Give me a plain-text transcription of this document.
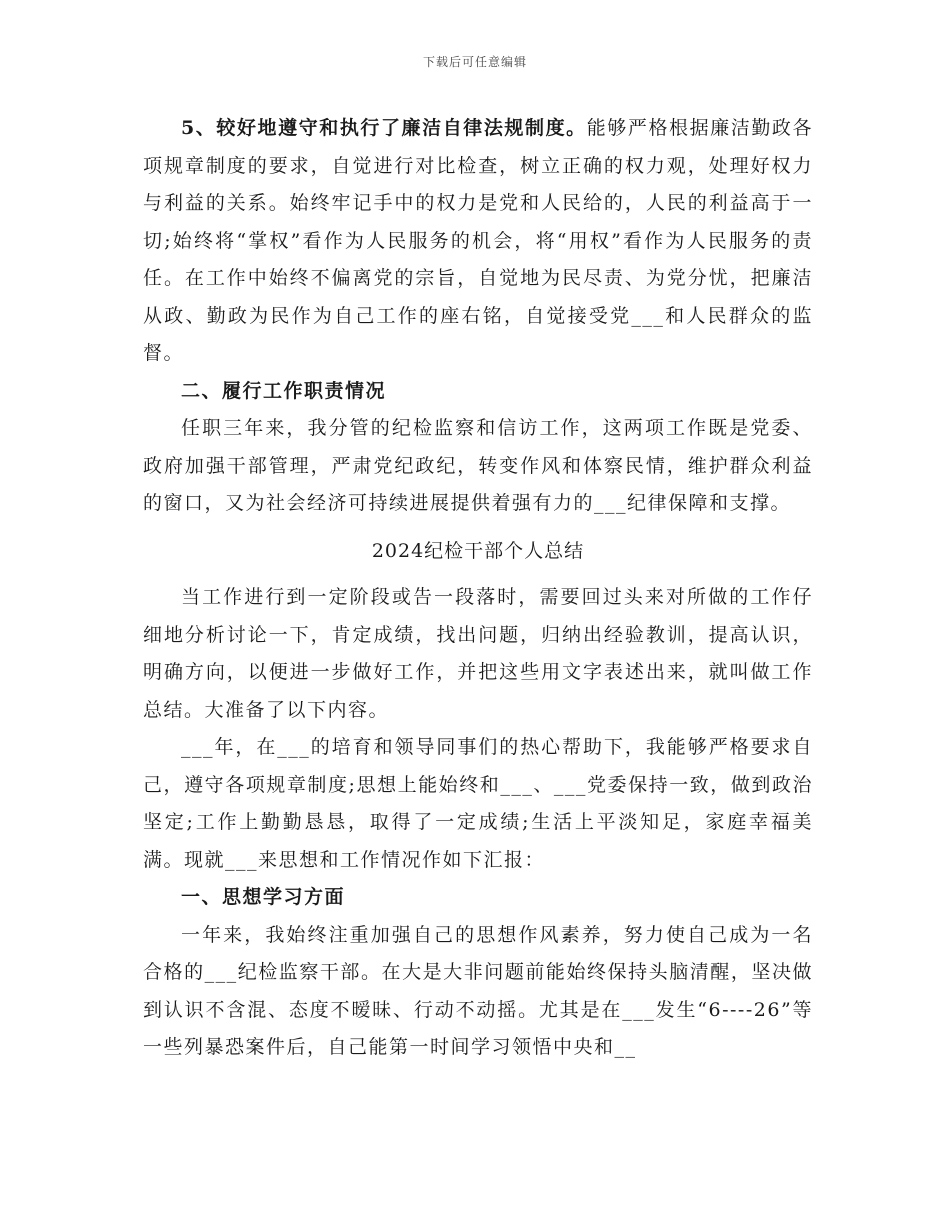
下载后可任意编辑

5、较好地遵守和执行了廉洁自律法规制度。能够严格根据廉洁勤政各项规章制度的要求，自觉进行对比检查，树立正确的权力观，处理好权力与利益的关系。始终牢记手中的权力是党和人民给的，人民的利益高于一切;始终将“掌权”看作为人民服务的机会，将“用权”看作为人民服务的责任。在工作中始终不偏离党的宗旨，自觉地为民尽责、为党分忧，把廉洁从政、勤政为民作为自己工作的座右铭，自觉接受党___和人民群众的监督。

二、履行工作职责情况

任职三年来，我分管的纪检监察和信访工作，这两项工作既是党委、政府加强干部管理，严肃党纪政纪，转变作风和体察民情，维护群众利益的窗口，又为社会经济可持续进展提供着强有力的___纪律保障和支撑。

2024纪检干部个人总结

当工作进行到一定阶段或告一段落时，需要回过头来对所做的工作仔细地分析讨论一下，肯定成绩，找出问题，归纳出经验教训，提高认识，明确方向，以便进一步做好工作，并把这些用文字表述出来，就叫做工作总结。大准备了以下内容。

___年，在___的培育和领导同事们的热心帮助下，我能够严格要求自己，遵守各项规章制度;思想上能始终和___、___党委保持一致，做到政治坚定;工作上勤勤恳恳，取得了一定成绩;生活上平淡知足，家庭幸福美满。现就___来思想和工作情况作如下汇报：

一、思想学习方面

一年来，我始终注重加强自己的思想作风素养，努力使自己成为一名合格的___纪检监察干部。在大是大非问题前能始终保持头脑清醒，坚决做到认识不含混、态度不暧昧、行动不动摇。尤其是在___发生“6----26”等一些列暴恐案件后，自己能第一时间学习领悟中央和__
